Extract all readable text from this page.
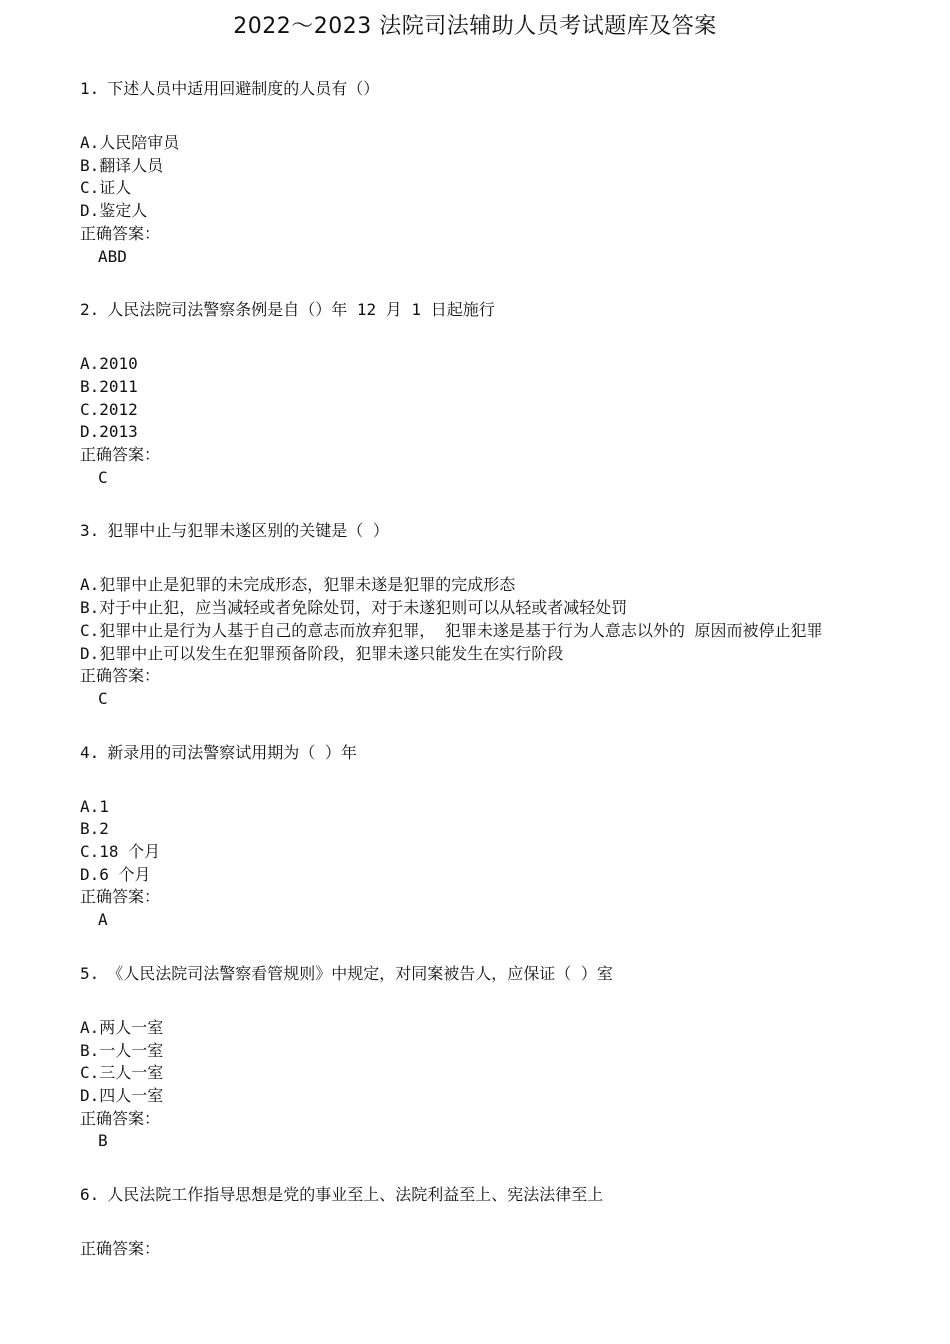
2022～2023 法院司法辅助人员考试题库及答案
1. 下述人员中适用回避制度的人员有（）
A.人民陪审员
B.翻译人员
C.证人
D.鉴定人
正确答案：
ABD
2. 人民法院司法警察条例是自（）年 12 月 1 日起施行
A.2010
B.2011
C.2012
D.2013
正确答案：
C
3. 犯罪中止与犯罪未遂区别的关键是（ ）
A.犯罪中止是犯罪的未完成形态，犯罪未遂是犯罪的完成形态
B.对于中止犯，应当减轻或者免除处罚，对于未遂犯则可以从轻或者减轻处罚
C.犯罪中止是行为人基于自己的意志而放弃犯罪， 犯罪未遂是基于行为人意志以外的 原因而被停止犯罪
D.犯罪中止可以发生在犯罪预备阶段，犯罪未遂只能发生在实行阶段
正确答案：
C
4. 新录用的司法警察试用期为（ ）年
A.1
B.2
C.18 个月
D.6 个月
正确答案：
A
5. 《人民法院司法警察看管规则》中规定，对同案被告人，应保证（ ）室
A.两人一室
B.一人一室
C.三人一室
D.四人一室
正确答案：
B
6. 人民法院工作指导思想是党的事业至上、法院利益至上、宪法法律至上
正确答案：
